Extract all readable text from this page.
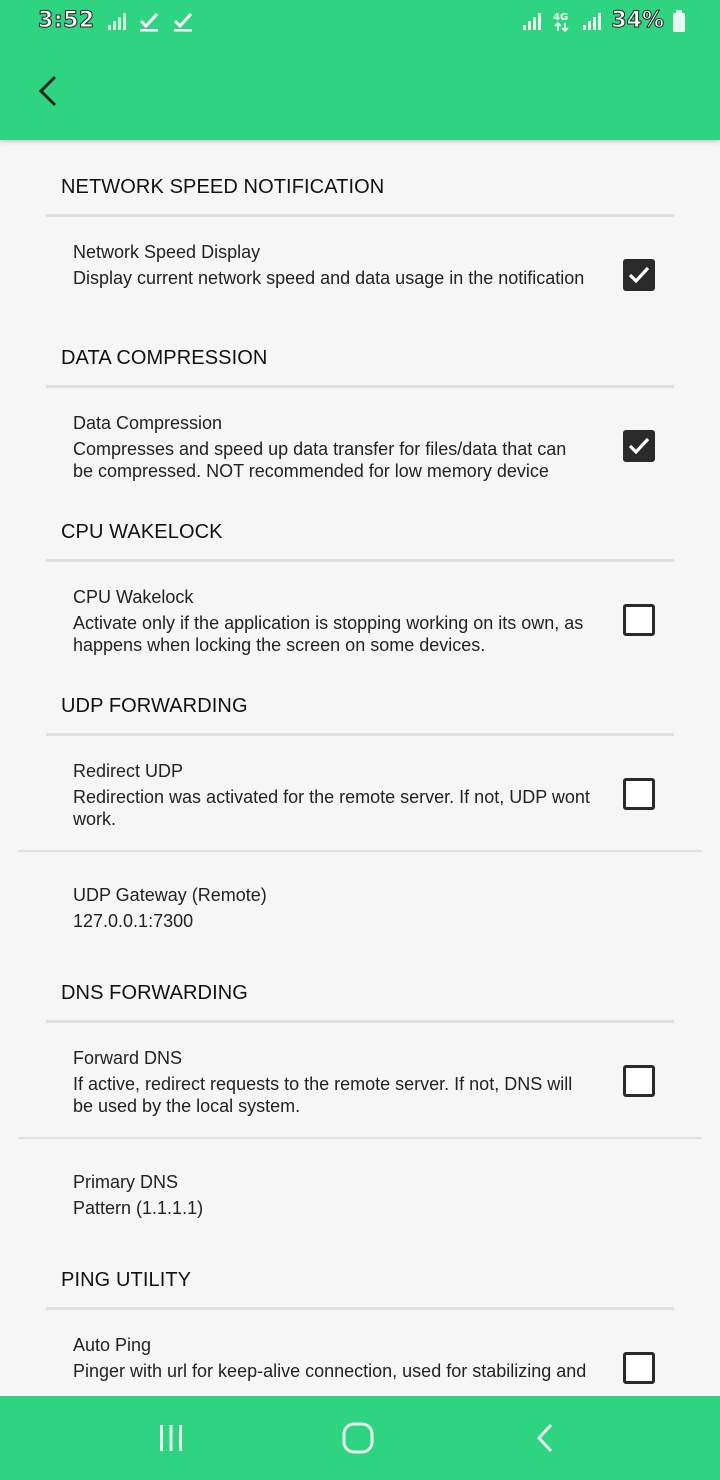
3:52	4G 34%
NETWORK SPEED NOTIFICATION
Network Speed Display
Display current network speed and data usage in the notification
DATA COMPRESSION
Data Compression
Compresses and speed up data transfer for files/data that can be compressed. NOT recommended for low memory device
CPU WAKELOCK
CPU Wakelock
Activate only if the application is stopping working on its own, as happens when locking the screen on some devices.
UDP FORWARDING
Redirect UDP
Redirection was activated for the remote server. If not, UDP wont work.
UDP Gateway (Remote)
127.0.0.1:7300
DNS FORWARDING
Forward DNS
If active, redirect requests to the remote server. If not, DNS will be used by the local system.
Primary DNS
Pattern (1.1.1.1)
PING UTILITY
Auto Ping
Pinger with url for keep-alive connection, used for stabilizing and
